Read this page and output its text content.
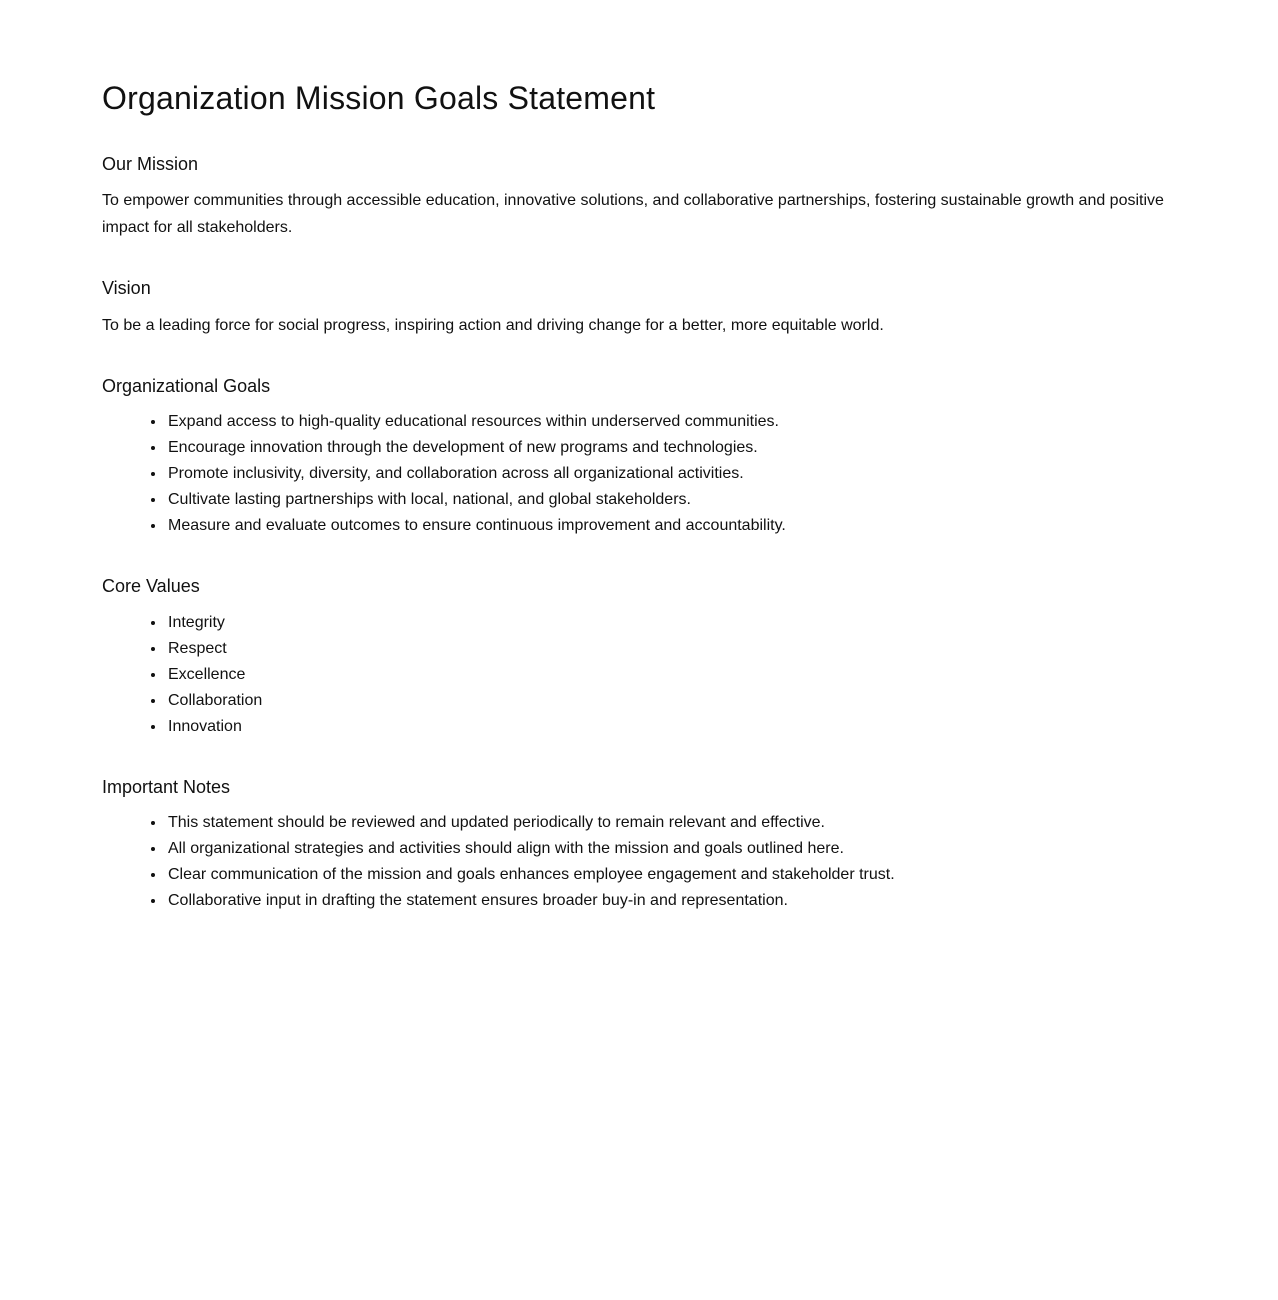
Organization Mission Goals Statement
Our Mission

To empower communities through accessible education, innovative solutions, and collaborative partnerships, fostering sustainable growth and positive impact for all stakeholders.

Vision

To be a leading force for social progress, inspiring action and driving change for a better, more equitable world.

Organizational Goals
• Expand access to high-quality educational resources within underserved communities.
• Encourage innovation through the development of new programs and technologies.
• Promote inclusivity, diversity, and collaboration across all organizational activities.
• Cultivate lasting partnerships with local, national, and global stakeholders.
• Measure and evaluate outcomes to ensure continuous improvement and accountability.
Core Values
• Integrity
• Respect
• Excellence
• Collaboration
• Innovation
Important Notes
• This statement should be reviewed and updated periodically to remain relevant and effective.
• All organizational strategies and activities should align with the mission and goals outlined here.
• Clear communication of the mission and goals enhances employee engagement and stakeholder trust.
• Collaborative input in drafting the statement ensures broader buy-in and representation.
